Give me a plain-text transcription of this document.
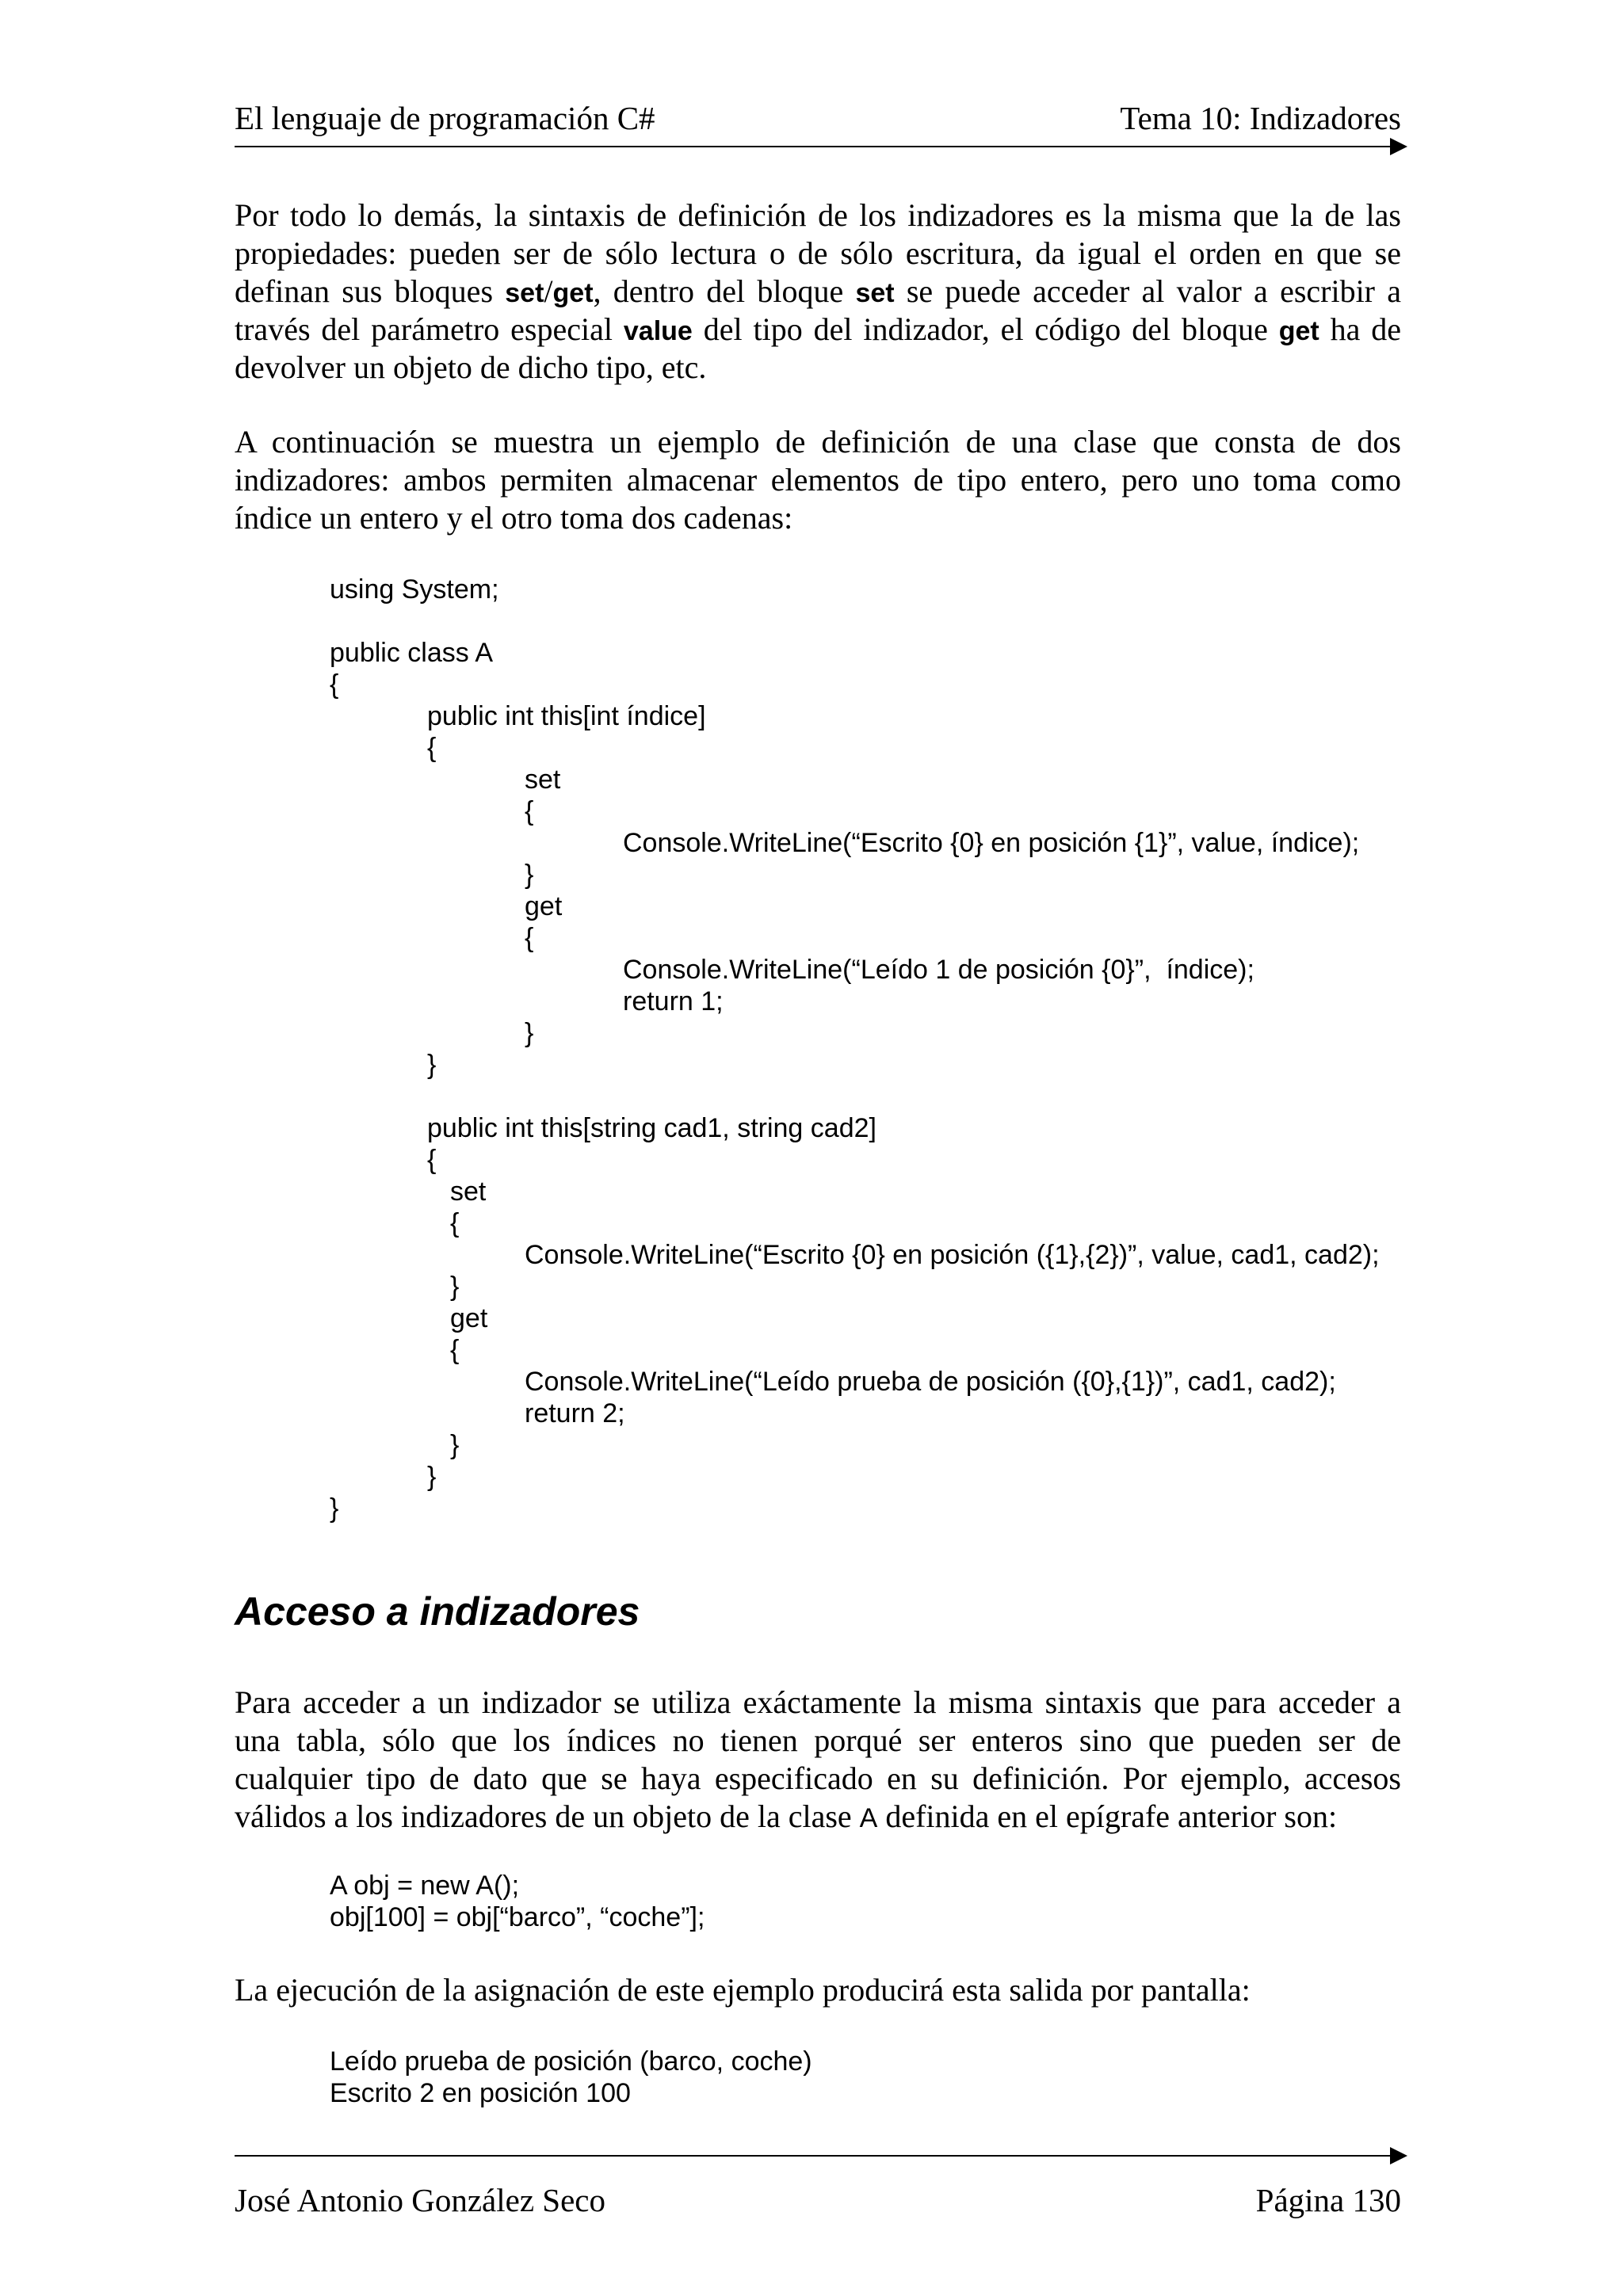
El lenguaje de programación C#	Tema 10: Indizadores
Por todo lo demás, la sintaxis de definición de los indizadores es la misma que la de las
propiedades: pueden ser de sólo lectura o de sólo escritura, da igual el orden en que se
definan sus bloques set/get, dentro del bloque set se puede acceder al valor a escribir a
través del parámetro especial value del tipo del indizador, el código del bloque get ha de
devolver un objeto de dicho tipo, etc.
A continuación se muestra un ejemplo de definición de una clase que consta de dos
indizadores: ambos permiten almacenar elementos de tipo entero, pero uno toma como
índice un entero y el otro toma dos cadenas:
using System;
public class A
{
public int this[int índice]
{
set
{
Console.WriteLine(“Escrito {0} en posición {1}”, value, índice);
}
get
{
Console.WriteLine(“Leído 1 de posición {0}”,  índice);
return 1;
}
}
public int this[string cad1, string cad2]
{
set
{
Console.WriteLine(“Escrito {0} en posición ({1},{2})”, value, cad1, cad2);
}
get
{
Console.WriteLine(“Leído prueba de posición ({0},{1})”, cad1, cad2);
return 2;
}
}
}
Acceso a indizadores
Para acceder a un indizador se utiliza exáctamente la misma sintaxis que para acceder a
una tabla, sólo que los índices no tienen porqué ser enteros sino que pueden ser de
cualquier tipo de dato que se haya especificado en su definición. Por ejemplo, accesos
válidos a los indizadores de un objeto de la clase A definida en el epígrafe anterior son:
A obj = new A();
obj[100] = obj[“barco”, “coche”];
La ejecución de la asignación de este ejemplo producirá esta salida por pantalla:
Leído prueba de posición (barco, coche)
Escrito 2 en posición 100
José Antonio González Seco	Página 130
